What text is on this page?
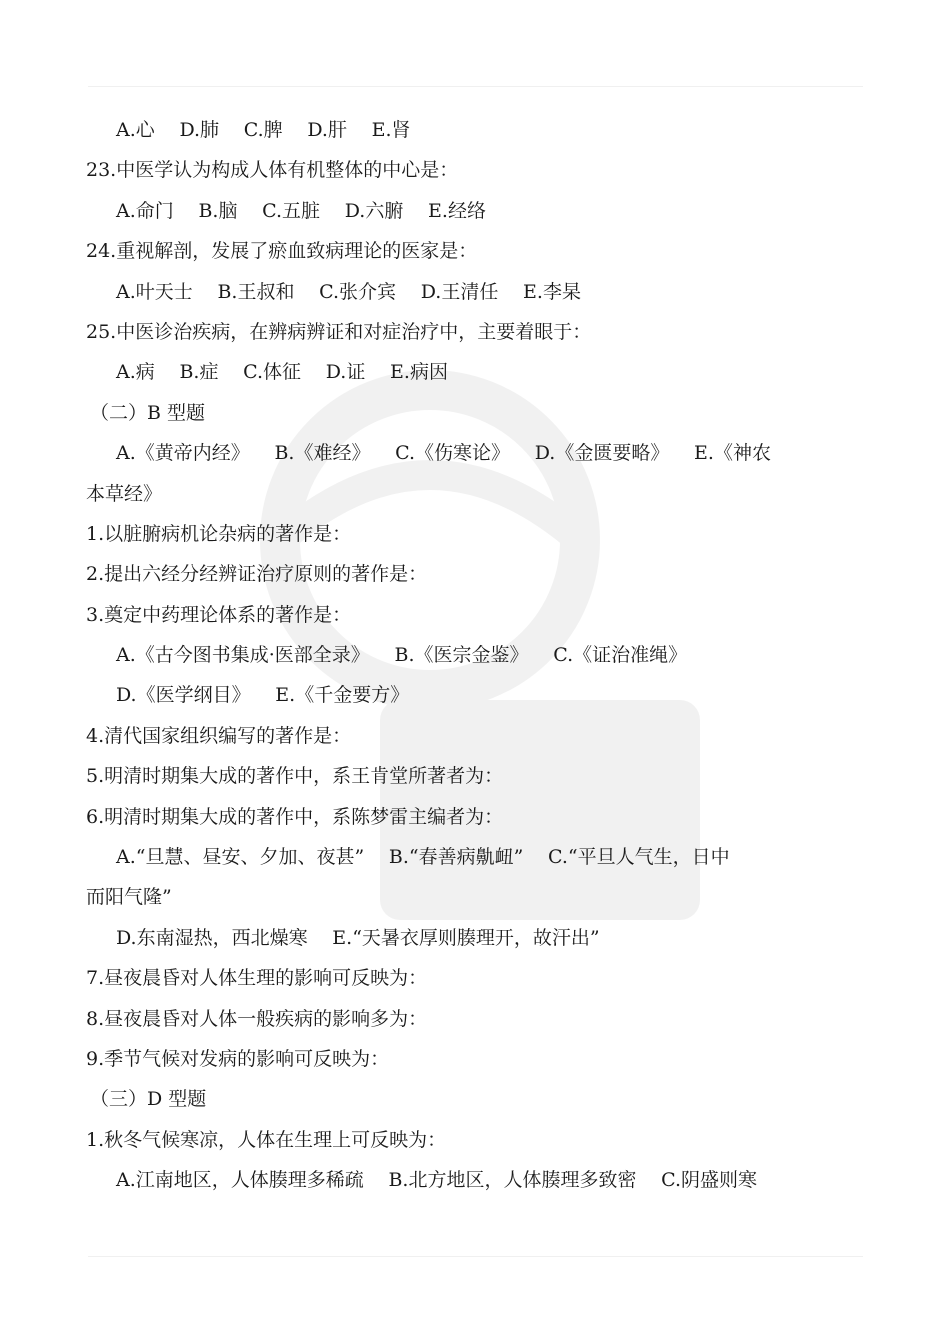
A.心 D.肺 C.脾 D.肝 E.肾
23.中医学认为构成人体有机整体的中心是：
A.命门 B.脑 C.五脏 D.六腑 E.经络
24.重视解剖，发展了瘀血致病理论的医家是：
A.叶天士 B.王叔和 C.张介宾 D.王清任 E.李杲
25.中医诊治疾病，在辨病辨证和对症治疗中，主要着眼于：
A.病 B.症 C.体征 D.证 E.病因
（二）B 型题
A.《黄帝内经》 B.《难经》 C.《伤寒论》 D.《金匮要略》 E.《神农
本草经》
1.以脏腑病机论杂病的著作是：
2.提出六经分经辨证治疗原则的著作是：
3.奠定中药理论体系的著作是：
A.《古今图书集成·医部全录》 B.《医宗金鉴》 C.《证治准绳》
D.《医学纲目》 E.《千金要方》
4.清代国家组织编写的著作是：
5.明清时期集大成的著作中，系王肯堂所著者为：
6.明清时期集大成的著作中，系陈梦雷主编者为：
A.“旦慧、昼安、夕加、夜甚” B.“春善病鼽衄” C.“平旦人气生，日中
而阳气隆”
D.东南湿热，西北燥寒 E.“天暑衣厚则腠理开，故汗出”
7.昼夜晨昏对人体生理的影响可反映为：
8.昼夜晨昏对人体一般疾病的影响多为：
9.季节气候对发病的影响可反映为：
（三）D 型题
1.秋冬气候寒凉，人体在生理上可反映为：
A.江南地区，人体腠理多稀疏 B.北方地区，人体腠理多致密 C.阴盛则寒
